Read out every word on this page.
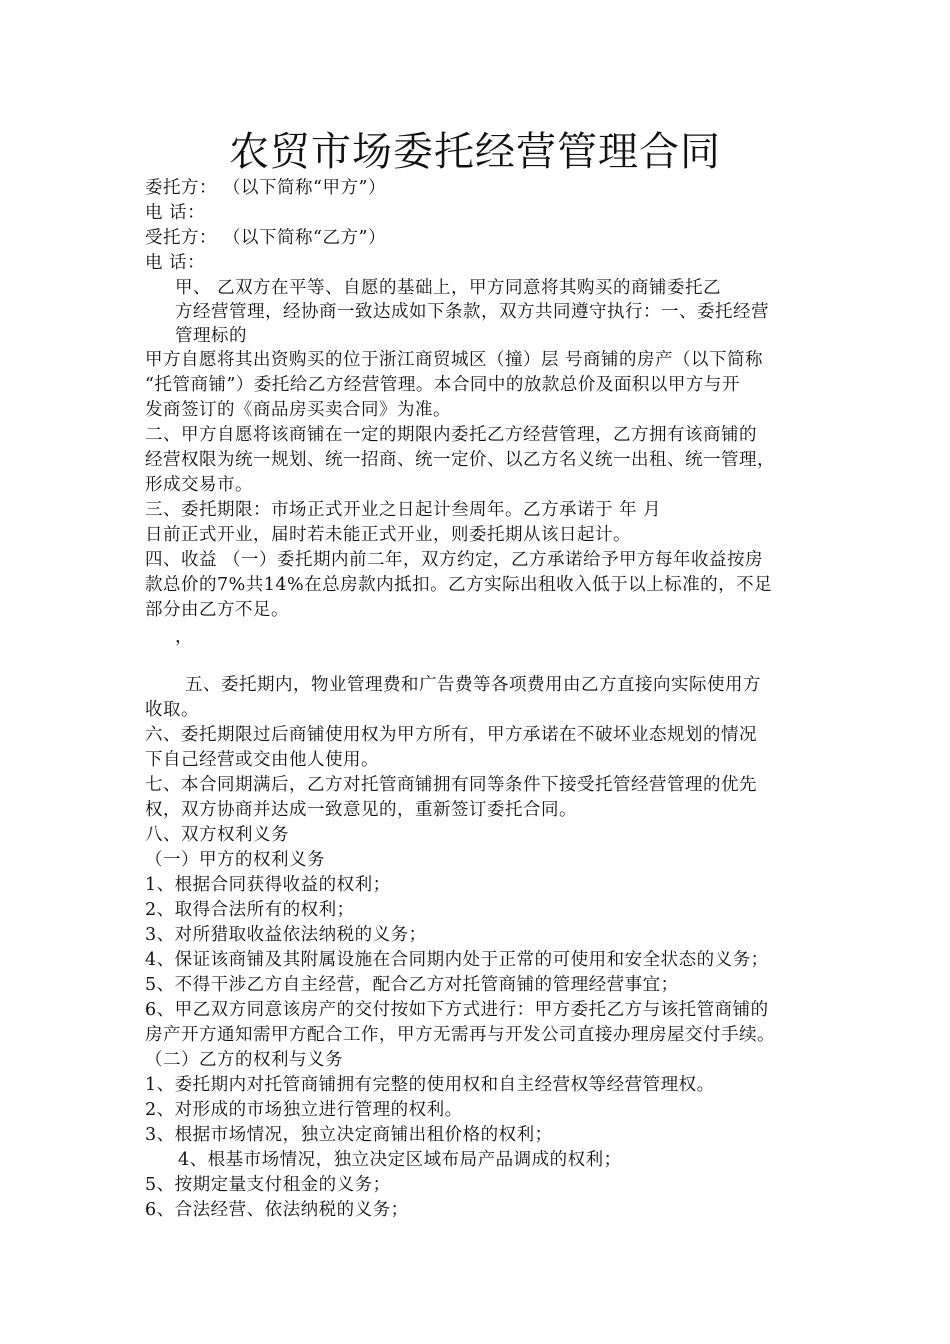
农贸市场委托经营管理合同
委托方： （以下简称“甲方”）
电 话：
受托方： （以下简称“乙方”）
电 话：
甲、 乙双方在平等、自愿的基础上，甲方同意将其购买的商铺委托乙
方经营管理，经协商一致达成如下条款，双方共同遵守执行：一、委托经营
管理标的
甲方自愿将其出资购买的位于浙江商贸城区（撞）层 号商铺的房产（以下简称
“托管商铺”）委托给乙方经营管理。本合同中的放款总价及面积以甲方与开
发商签订的《商品房买卖合同》为准。
二、甲方自愿将该商铺在一定的期限内委托乙方经营管理，乙方拥有该商铺的
经营权限为统一规划、统一招商、统一定价、以乙方名义统一出租、统一管理，
形成交易市。
三、委托期限：市场正式开业之日起计叁周年。乙方承诺于 年 月
日前正式开业，届时若未能正式开业，则委托期从该日起计。
四、收益 （一）委托期内前二年，双方约定，乙方承诺给予甲方每年收益按房
款总价的7%共14%在总房款内抵扣。乙方实际出租收入低于以上标准的，不足
部分由乙方不足。
，
五、委托期内，物业管理费和广告费等各项费用由乙方直接向实际使用方
收取。
六、委托期限过后商铺使用权为甲方所有，甲方承诺在不破坏业态规划的情况
下自己经营或交由他人使用。
七、本合同期满后，乙方对托管商铺拥有同等条件下接受托管经营管理的优先
权，双方协商并达成一致意见的，重新签订委托合同。
八、双方权利义务
（一）甲方的权利义务
1、根据合同获得收益的权利；
2、取得合法所有的权利；
3、对所猎取收益依法纳税的义务；
4、保证该商铺及其附属设施在合同期内处于正常的可使用和安全状态的义务；
5、不得干涉乙方自主经营，配合乙方对托管商铺的管理经营事宜；
6、甲乙双方同意该房产的交付按如下方式进行：甲方委托乙方与该托管商铺的
房产开方通知需甲方配合工作，甲方无需再与开发公司直接办理房屋交付手续。
（二）乙方的权利与义务
1、委托期内对托管商铺拥有完整的使用权和自主经营权等经营管理权。
2、对形成的市场独立进行管理的权利。
3、根据市场情况，独立决定商铺出租价格的权利；
4、根基市场情况，独立决定区域布局产品调成的权利；
5、按期定量支付租金的义务；
6、合法经营、依法纳税的义务；
